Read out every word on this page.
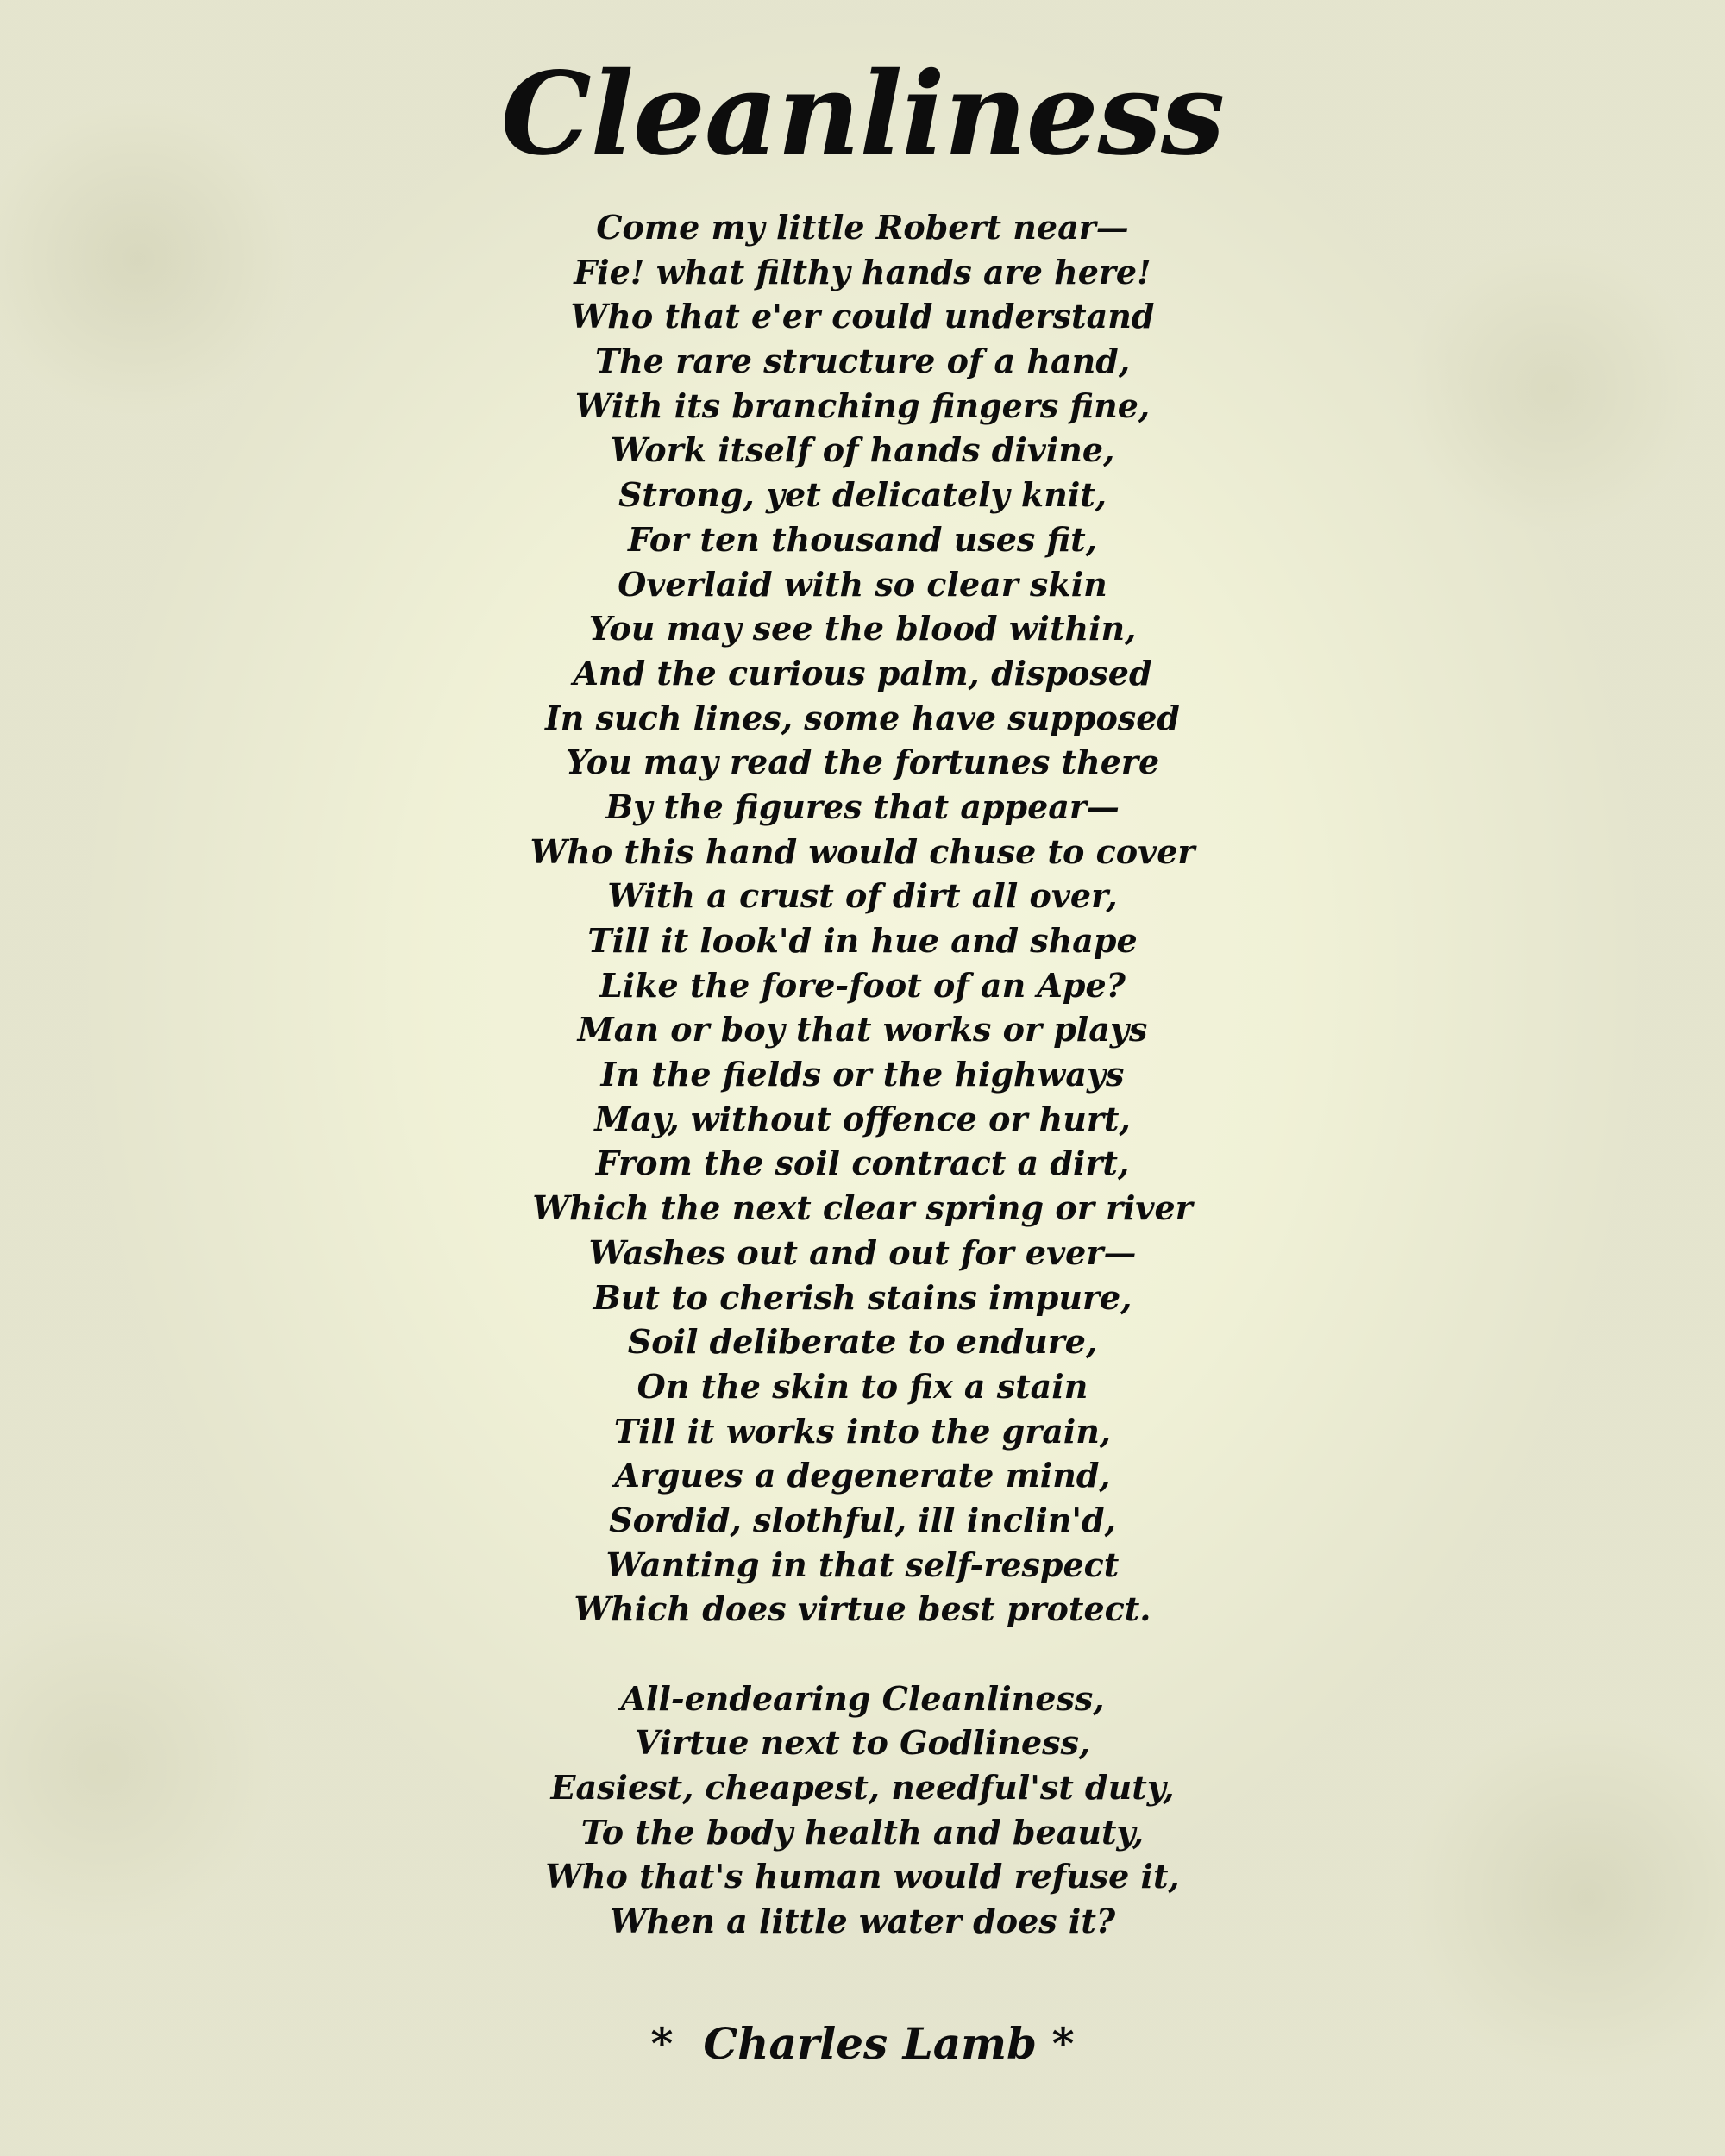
Cleanliness
Come my little Robert near—
Fie! what filthy hands are here!
Who that e'er could understand
The rare structure of a hand,
With its branching fingers fine,
Work itself of hands divine,
Strong, yet delicately knit,
For ten thousand uses fit,
Overlaid with so clear skin
You may see the blood within,
And the curious palm, disposed
In such lines, some have supposed
You may read the fortunes there
By the figures that appear—
Who this hand would chuse to cover
With a crust of dirt all over,
Till it look'd in hue and shape
Like the fore-foot of an Ape?
Man or boy that works or plays
In the fields or the highways
May, without offence or hurt,
From the soil contract a dirt,
Which the next clear spring or river
Washes out and out for ever—
But to cherish stains impure,
Soil deliberate to endure,
On the skin to fix a stain
Till it works into the grain,
Argues a degenerate mind,
Sordid, slothful, ill inclin'd,
Wanting in that self-respect
Which does virtue best protect.
All-endearing Cleanliness,
Virtue next to Godliness,
Easiest, cheapest, needful'st duty,
To the body health and beauty,
Who that's human would refuse it,
When a little water does it?
*  Charles Lamb *
